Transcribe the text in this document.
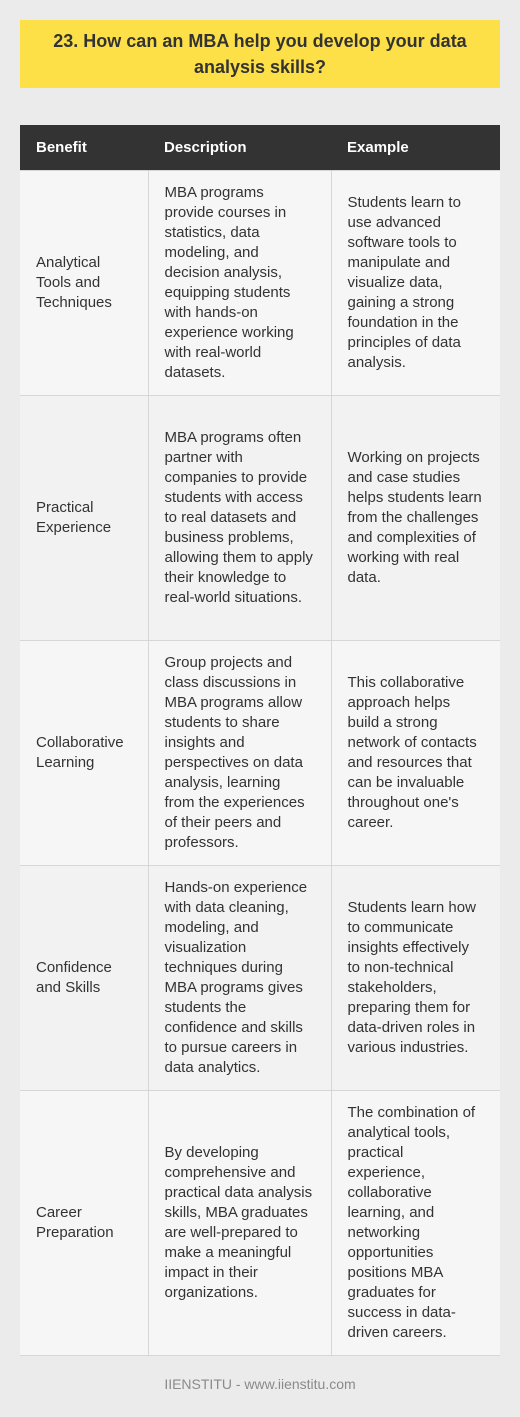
23. How can an MBA help you develop your data analysis skills?
Benefit	Description	Example
Analytical Tools and Techniques	MBA programs provide courses in statistics, data modeling, and decision analysis, equipping students with hands-on experience working with real-world datasets.	Students learn to use advanced software tools to manipulate and visualize data, gaining a strong foundation in the principles of data analysis.
Practical Experience	MBA programs often partner with companies to provide students with access to real datasets and business problems, allowing them to apply their knowledge to real-world situations.	Working on projects and case studies helps students learn from the challenges and complexities of working with real data.
Collaborative Learning	Group projects and class discussions in MBA programs allow students to share insights and perspectives on data analysis, learning from the experiences of their peers and professors.	This collaborative approach helps build a strong network of contacts and resources that can be invaluable throughout one's career.
Confidence and Skills	Hands-on experience with data cleaning, modeling, and visualization techniques during MBA programs gives students the confidence and skills to pursue careers in data analytics.	Students learn how to communicate insights effectively to non-technical stakeholders, preparing them for data-driven roles in various industries.
Career Preparation	By developing comprehensive and practical data analysis skills, MBA graduates are well-prepared to make a meaningful impact in their organizations.	The combination of analytical tools, practical experience, collaborative learning, and networking opportunities positions MBA graduates for success in data-driven careers.
IIENSTITU - www.iienstitu.com
